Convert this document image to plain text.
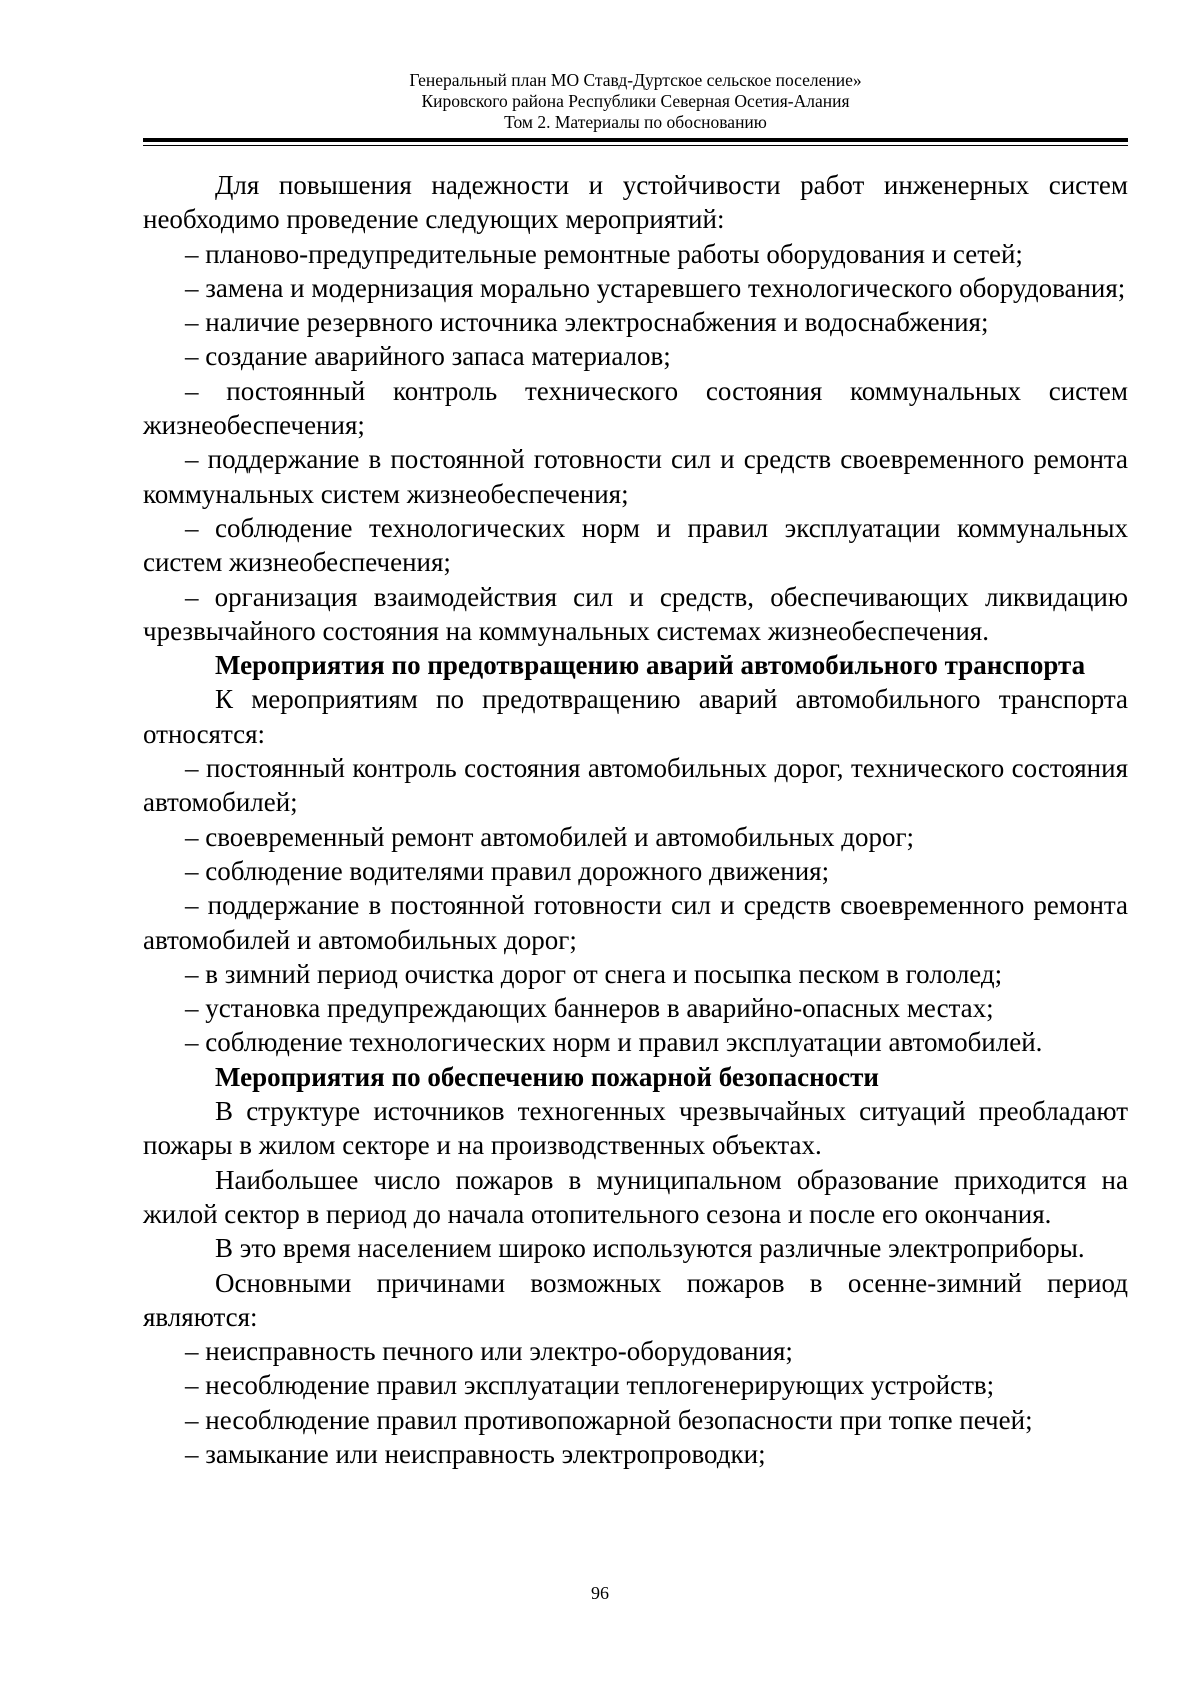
Генеральный план МО Ставд-Дуртское сельское поселение»
Кировского района Республики Северная Осетия-Алания
Том 2. Материалы по обоснованию

Для повышения надежности и устойчивости работ инженерных систем необходимо проведение следующих мероприятий:

– планово-предупредительные ремонтные работы оборудования и сетей;

– замена и модернизация морально устаревшего технологического оборудования;

– наличие резервного источника электроснабжения и водоснабжения;

– создание аварийного запаса материалов;

– постоянный контроль технического состояния коммунальных систем жизнеобеспечения;

– поддержание в постоянной готовности сил и средств своевременного ремонта коммунальных систем жизнеобеспечения;

– соблюдение технологических норм и правил эксплуатации коммунальных систем жизнеобеспечения;

– организация взаимодействия сил и средств, обеспечивающих ликвидацию чрезвычайного состояния на коммунальных системах жизнеобеспечения.

Мероприятия по предотвращению аварий автомобильного транспорта

К мероприятиям по предотвращению аварий автомобильного транспорта относятся:

– постоянный контроль состояния автомобильных дорог, технического состояния автомобилей;

– своевременный ремонт автомобилей и автомобильных дорог;

– соблюдение водителями правил дорожного движения;

– поддержание в постоянной готовности сил и средств своевременного ремонта автомобилей и автомобильных дорог;

– в зимний период очистка дорог от снега и посыпка песком в гололед;

– установка предупреждающих баннеров в аварийно-опасных местах;

– соблюдение технологических норм и правил эксплуатации автомобилей.

Мероприятия по обеспечению пожарной безопасности

В структуре источников техногенных чрезвычайных ситуаций преобладают пожары в жилом секторе и на производственных объектах.

Наибольшее число пожаров в муниципальном образование приходится на жилой сектор в период до начала отопительного сезона и после его окончания.

В это время населением широко используются различные электроприборы.

Основными причинами возможных пожаров в осенне-зимний период являются:

– неисправность печного или электро-оборудования;

– несоблюдение правил эксплуатации теплогенерирующих устройств;

– несоблюдение правил противопожарной безопасности при топке печей;

– замыкание или неисправность электропроводки;

96
